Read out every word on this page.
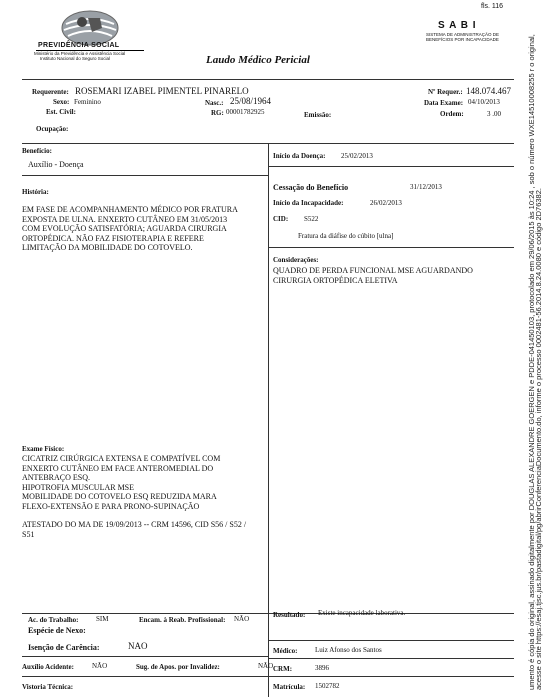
fls. 116
PREVIDÊNCIA SOCIAL
Ministério da Previdência e Assistência Social
Instituto Nacional do Seguro Social	Laudo Médico Pericial
S A B I
SISTEMA DE ADMINISTRAÇÃO DE
BENEFÍCIOS POR INCAPACIDADE
Requerente: ROSEMARI IZABEL PIMENTEL PINARELO
Sexo: Feminino	Nasc.: 25/08/1964
Est. Civil:	RG: 00001782925	Emissão:
Ocupação:
Nº Requer.: 148.074.467
Data Exame: 04/10/2013
Ordem:	3 .00
Benefício:
Auxílio - Doença
História:
EM FASE DE ACOMPANHAMENTO MÉDICO POR FRATURA
EXPOSTA DE ULNA. ENXERTO CUTÂNEO EM 31/05/2013
COM EVOLUÇÃO SATISFATÓRIA; AGUARDA CIRURGIA
ORTOPÉDICA. NÃO FAZ FISIOTERAPIA E REFERE
LIMITAÇÃO DA MOBILIDADE DO COTOVELO.
Exame Físico:
CICATRIZ CIRÚRGICA EXTENSA E COMPATÍVEL COM
ENXERTO CUTÂNEO EM FACE ANTEROMEDIAL DO
ANTEBRAÇO ESQ.
HIPOTROFIA MUSCULAR MSE
MOBILIDADE DO COTOVELO ESQ REDUZIDA MARA
FLEXO-EXTENSÃO E PARA PRONO-SUPINAÇÃO
ATESTADO DO MA DE 19/09/2013 -- CRM 14596, CID S56 / S52 /
S51
Início da Doença: 25/02/2013
Cessação do Benefício	31/12/2013
Início da Incapacidade:	26/02/2013
CID: S522
Fratura da diáfise do cúbito [ulna]
Considerações:
QUADRO DE PERDA FUNCIONAL MSE AGUARDANDO
CIRURGIA ORTOPÉDICA ELETIVA
Ac. do Trabalho:	SIM	Encam. à Reab. Profissional: NÃO
Espécie de Nexo:
Isenção de Carência:	NAO
Auxílio Acidente:	NÃO	Sug. de Apos. por Invalidez:	NÃO
Vistoria Técnica:
Resultado: Existe incapacidade laborativa.
Médico:	Luiz Afonso dos Santos
CRM:	3896
Matrícula: 1502782	umento é cópia do original, assinado digitalmente por DOUGLAS ALEXANDRE GOERGEN e PDDE-041450103, protocolado em 29/06/2015 às 10:24 , sob o número WXE14510008255 r o original, acesse o site https://esaj.tjsc.jus.br/pastadigital/pg/abrirConferenciaDocumento.do, informe o processo 0002481-56.2014.8.24.0080 e código 2D76382.
